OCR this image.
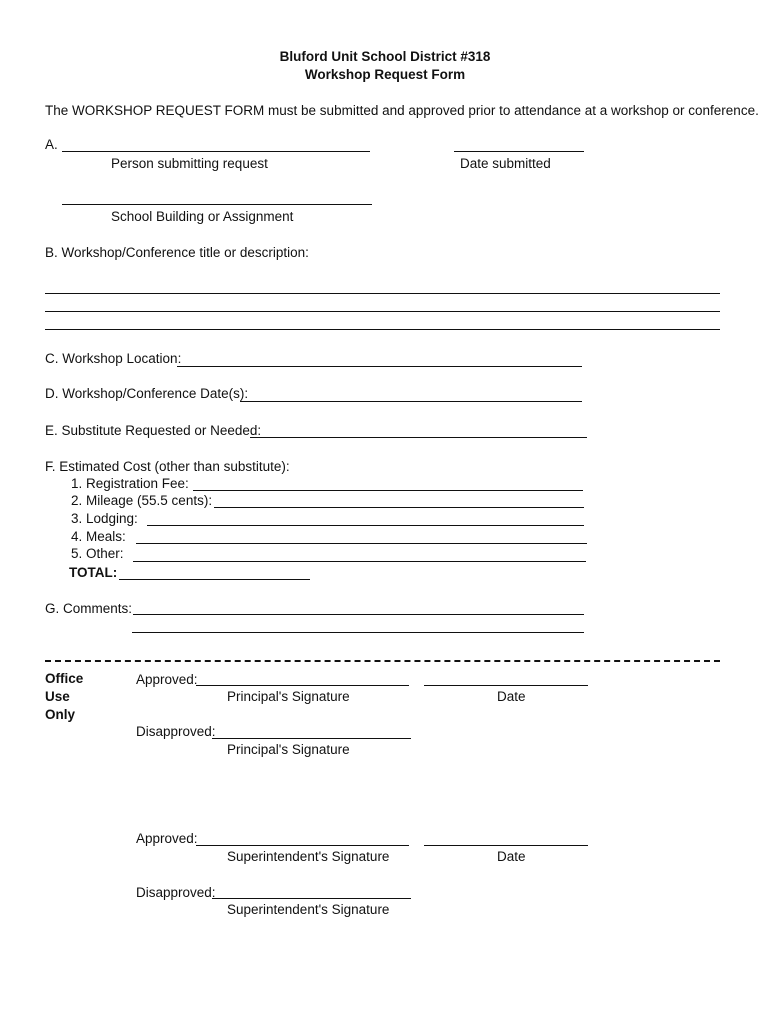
Bluford Unit School District #318
Workshop Request Form
The WORKSHOP REQUEST FORM must be submitted and approved prior to attendance at a workshop or conference.
A.
Person submitting request	Date submitted
School Building or Assignment
B. Workshop/Conference title or description:
C. Workshop Location:
D. Workshop/Conference Date(s):
E. Substitute Requested or Needed:
F. Estimated Cost (other than substitute):
1. Registration Fee:
2. Mileage (55.5 cents):
3. Lodging:
4. Meals:
5. Other:
TOTAL:
G. Comments:
Office
Use
Only
Approved:
Principal's Signature	Date
Disapproved:
Principal's Signature
Approved:
Superintendent's Signature	Date
Disapproved:
Superintendent's Signature
